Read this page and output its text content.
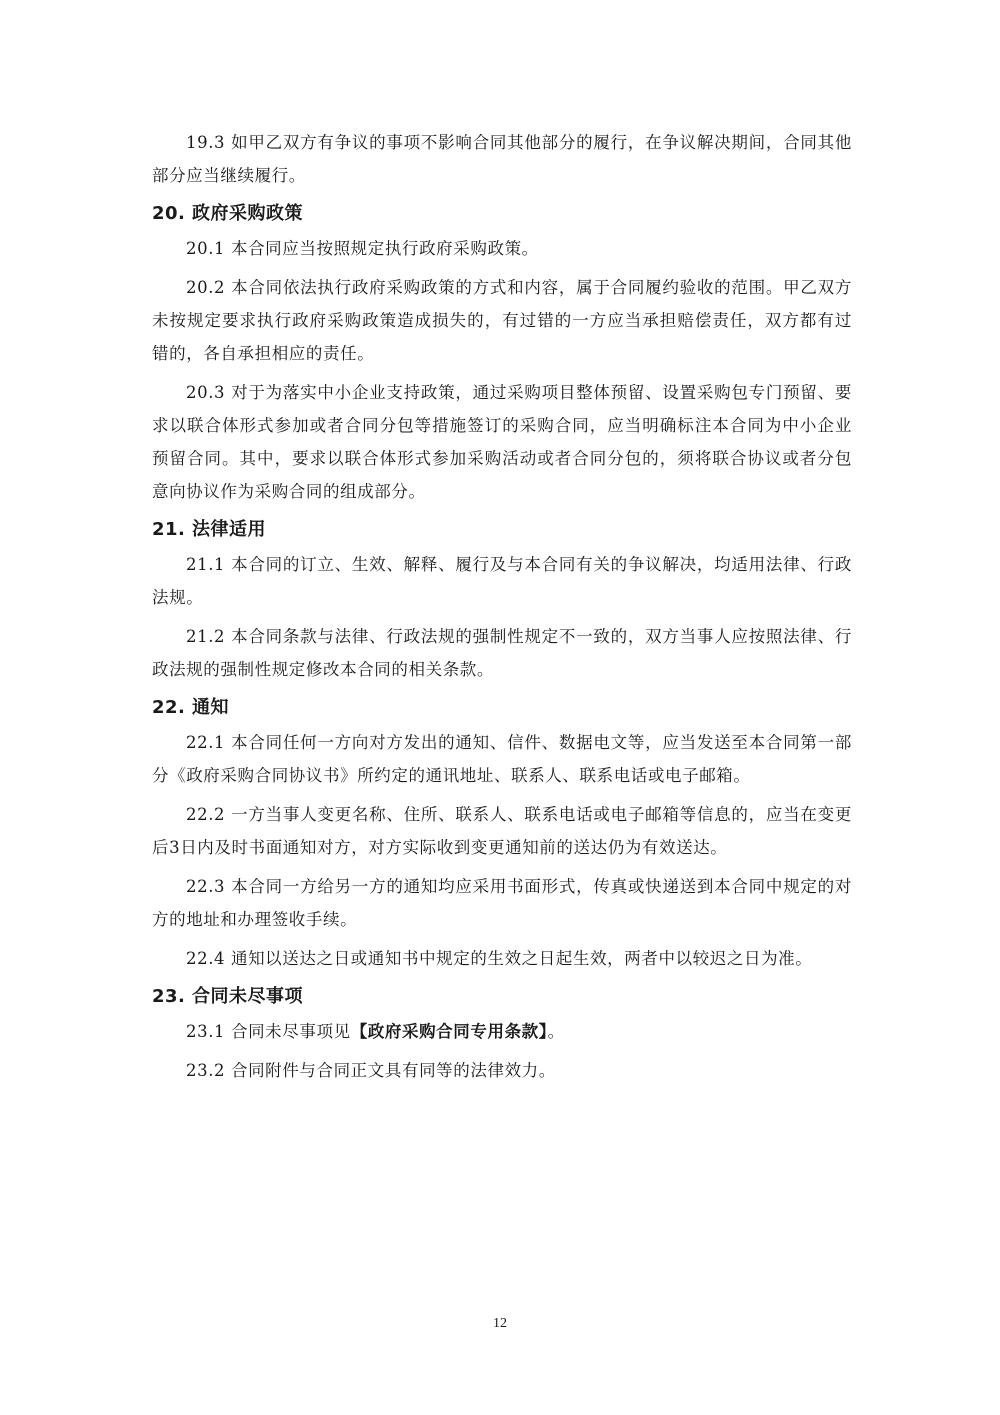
19.3 如甲乙双方有争议的事项不影响合同其他部分的履行，在争议解决期间，合同其他部分应当继续履行。

20. 政府采购政策

20.1 本合同应当按照规定执行政府采购政策。

20.2 本合同依法执行政府采购政策的方式和内容，属于合同履约验收的范围。甲乙双方未按规定要求执行政府采购政策造成损失的，有过错的一方应当承担赔偿责任，双方都有过错的，各自承担相应的责任。

20.3 对于为落实中小企业支持政策，通过采购项目整体预留、设置采购包专门预留、要求以联合体形式参加或者合同分包等措施签订的采购合同，应当明确标注本合同为中小企业预留合同。其中，要求以联合体形式参加采购活动或者合同分包的，须将联合协议或者分包意向协议作为采购合同的组成部分。

21. 法律适用

21.1 本合同的订立、生效、解释、履行及与本合同有关的争议解决，均适用法律、行政法规。

21.2 本合同条款与法律、行政法规的强制性规定不一致的，双方当事人应按照法律、行政法规的强制性规定修改本合同的相关条款。

22. 通知

22.1 本合同任何一方向对方发出的通知、信件、数据电文等，应当发送至本合同第一部分《政府采购合同协议书》所约定的通讯地址、联系人、联系电话或电子邮箱。

22.2 一方当事人变更名称、住所、联系人、联系电话或电子邮箱等信息的，应当在变更后3日内及时书面通知对方，对方实际收到变更通知前的送达仍为有效送达。

22.3 本合同一方给另一方的通知均应采用书面形式，传真或快递送到本合同中规定的对方的地址和办理签收手续。

22.4 通知以送达之日或通知书中规定的生效之日起生效，两者中以较迟之日为准。

23. 合同未尽事项

23.1 合同未尽事项见【政府采购合同专用条款】。

23.2 合同附件与合同正文具有同等的法律效力。

12
